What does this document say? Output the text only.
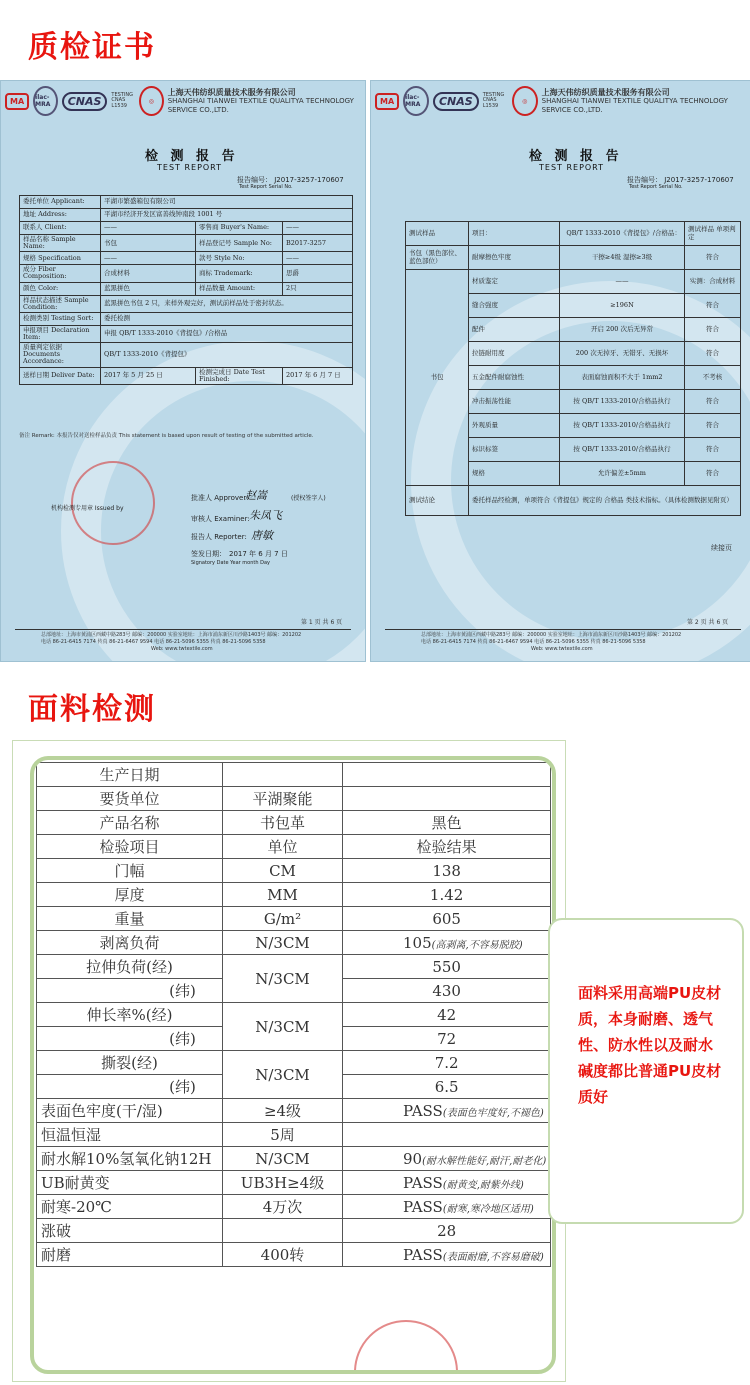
质检证书
MA	ilac-MRA	CNAS	TESTING
CNAS L1539
◎
上海天伟纺织质量技术服务有限公司
SHANGHAI TIANWEI TEXTILE QUALITYA TECHNOLOGY SERVICE CO.,LTD.
检 测 报 告
TEST REPORT
报告编号： J2017-3257-170607
Test Report Serial No.
委托单位 Applicant:	平湖市繁盛箱包有限公司		
地址 Address:	平湖市经济开发区富善线钟南段 1001 号		
联系人 Client:	——	零售商 Buyer's Name:	——
样品名称 Sample Name:	书包	样品登记号 Sample No:	B2017-3257
规格 Specification	——	款号 Style No:	——
成分 Fiber Composition:	合成材料	商标 Trademark:	思爵
颜色 Color:	蓝黑拼色	样品数量 Amount:	2只
样品状态描述 Sample Condition:	蓝黑拼色书包 2 只，来样外观完好，测试前样品处于密封状态。		
检测类别 Testing Sort:	委托检测		
申报项目 Declaration Item:	申报 QB/T 1333-2010《背提包》/合格品		
质量判定依据 Documents Accordance:	QB/T 1333-2010《背提包》		
送样日期 Deliver Date:	2017 年 5 月 25 日	检测完成日 Date Test Finished:	2017 年 6 月 7 日
备注 Remark: 本报告仅对送检样品负责 This statement is based upon result of testing of the submitted article.
机构检测专用章 Issued by
批准人 Approver:
赵嵩	(授权签字人)
审核人 Examiner: 朱凤飞
报告人 Reporter: 唐敏
签发日期： 2017 年 6 月 7 日
Signatory Date Year month Day
第 1 页 共 6 页
总部地址：上海市黄浦区西藏中路283号 邮编：200000 实验室地址：上海市浦东新区川沙路1403号 邮编：201202
电话 86-21-6415 7174 传真 86-21-6467 9594 电话 86-21-5096 5355 传真 86-21-5096 5358
Web: www.twtextile.com
MA	ilac-MRA	CNAS	TESTING
CNAS L1539
◎
上海天伟纺织质量技术服务有限公司
SHANGHAI TIANWEI TEXTILE QUALITYA TECHNOLOGY SERVICE CO.,LTD.
检 测 报 告
TEST REPORT
报告编号： J2017-3257-170607
Test Report Serial No.
测试样品	项目：	QB/T 1333-2010《背提包》/合格品：	测试样品 单项判定
书包（黑色部位、蓝色部位）	耐摩擦色牢度	干擦≥4级 湿擦≥3级	符合
书包	材质鉴定	——	实测：合成材料
	缝合强度	≥196N	符合
	配件	开启 200 次后无异常	符合
	拉链耐用度	200 次无掉牙、无错牙、无损坏	符合
	五金配件耐腐蚀性	表面腐蚀面积不大于 1mm2	不考核
	冲击振荡性能	按 QB/T 1333-2010/合格品执行	符合
	外观质量	按 QB/T 1333-2010/合格品执行	符合
	标识标签	按 QB/T 1333-2010/合格品执行	符合
	规格	允许偏差±5mm	符合
测试结论	委托样品经检测，单项符合《背提包》规定的 合格品 类技术指标。（具体检测数据见附页）		
续接页
第 2 页 共 6 页
总部地址：上海市黄浦区西藏中路283号 邮编：200000 实验室地址：上海市浦东新区川沙路1403号 邮编：201202
电话 86-21-6415 7174 传真 86-21-6467 9594 电话 86-21-5096 5355 传真 86-21-5096 5358
Web: www.twtextile.com
面料检测
生产日期		
要货单位	平湖聚能	
产品名称	书包革	黑色
检验项目	单位	检验结果
门幅	CM	138
厚度	MM	1.42
重量	G/m²	605
剥离负荷	N/3CM	105(高剥离,不容易脱胶)
拉伸负荷(经)	N/3CM	550
(纬)		430
伸长率%(经)	N/3CM	42
(纬)		72
撕裂(经)	N/3CM	7.2
(纬)		6.5
表面色牢度(干/湿)	≥4级	PASS(表面色牢度好,不褪色)
恒温恒湿	5周	
耐水解10%氢氧化钠12H	N/3CM	90(耐水解性能好,耐汗,耐老化)
UB耐黄变	UB3H≥4级	PASS(耐黄变,耐紫外线)
耐寒-20℃	4万次	PASS(耐寒,寒冷地区适用)
涨破		28
耐磨	400转	PASS(表面耐磨,不容易磨破)

面料采用高端PU皮材质，本身耐磨、透气性、防水性以及耐水碱度都比普通PU皮材质好
